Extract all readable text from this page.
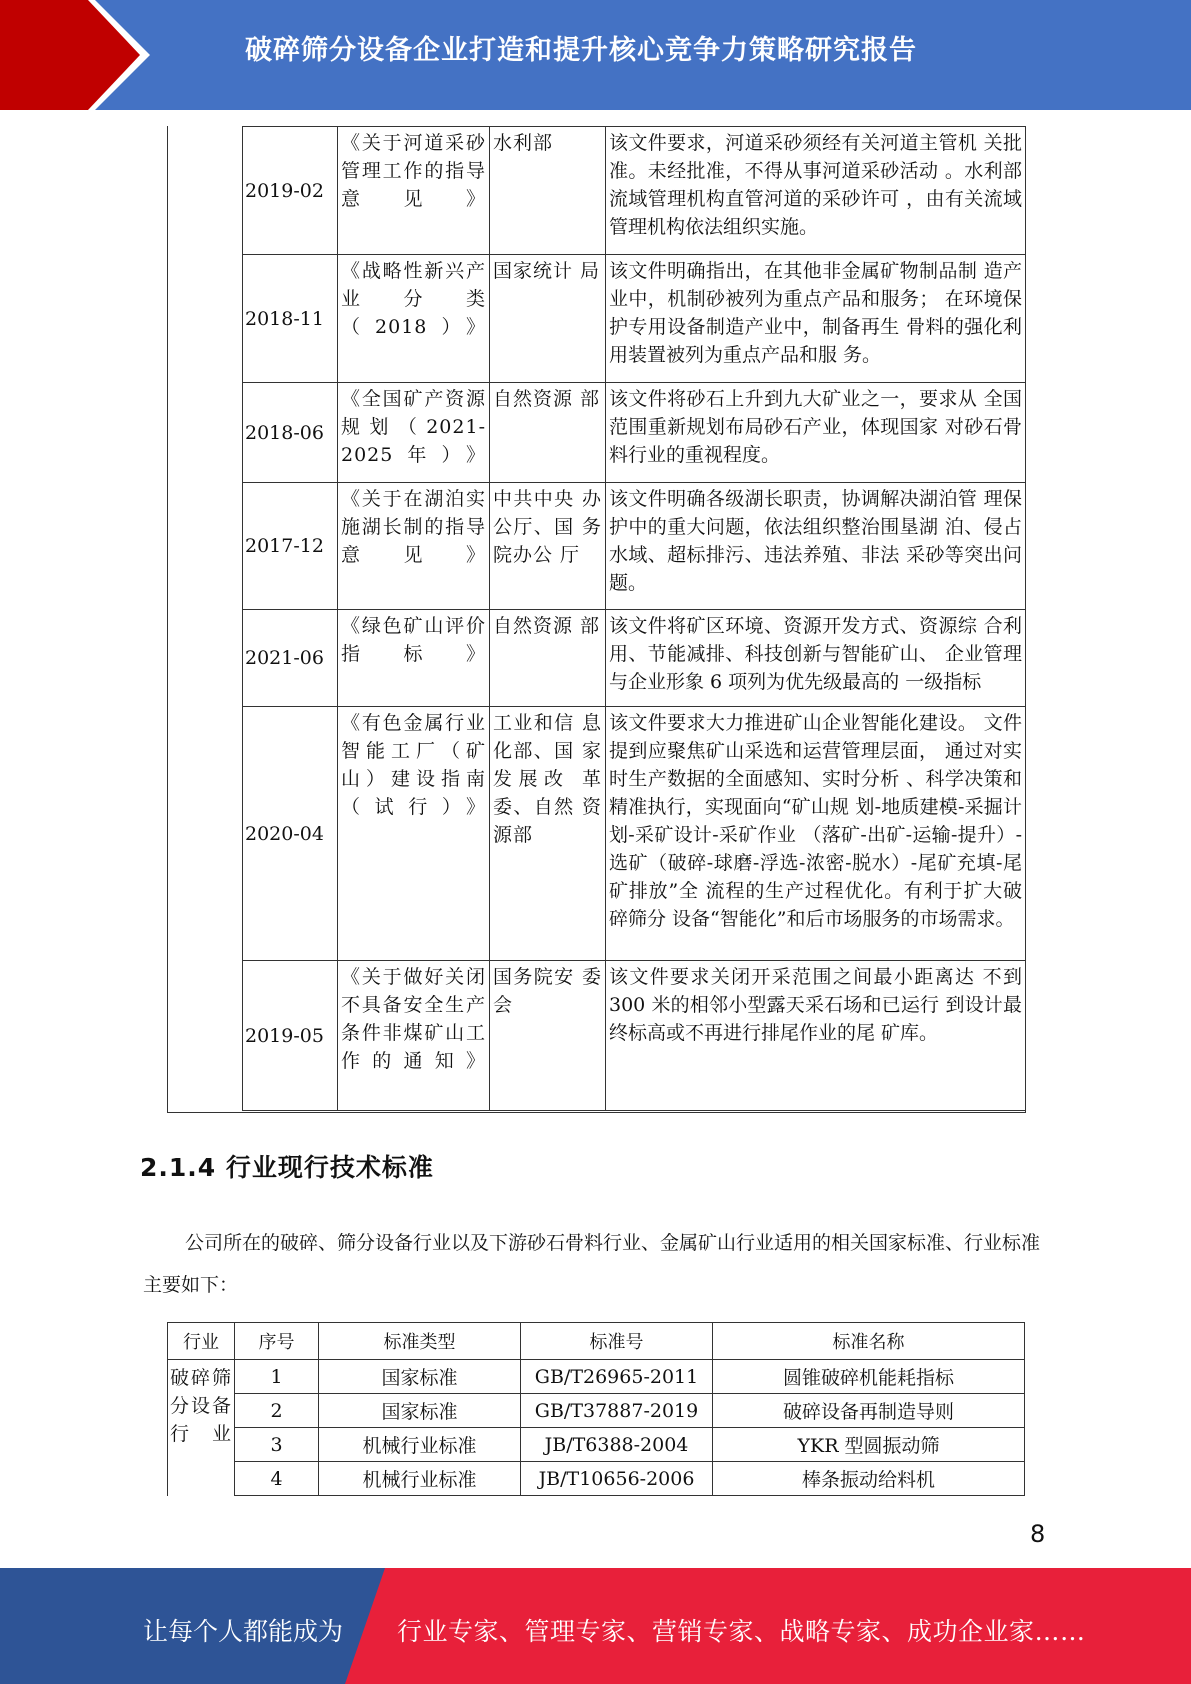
破碎筛分设备企业打造和提升核心竞争力策略研究报告
2019-02	《关于河道采砂管理工作的指导意见》	水利部	该文件要求，河道采砂须经有关河道主管机 关批准。未经批准，不得从事河道采砂活动 。水利部流域管理机构直管河道的采砂许可 ，由有关流域管理机构依法组织实施。
2018-11	《战略性新兴产业分类（2018）》	国家统计 局	该文件明确指出，在其他非金属矿物制品制 造产业中，机制砂被列为重点产品和服务； 在环境保护专用设备制造产业中，制备再生 骨料的强化利用装置被列为重点产品和服 务。
2018-06	《全国矿产资源规划（2021-2025年）》	自然资源 部	该文件将砂石上升到九大矿业之一，要求从 全国范围重新规划布局砂石产业，体现国家 对砂石骨料行业的重视程度。
2017-12	《关于在湖泊实施湖长制的指导意见》	中共中央 办公厅、国 务院办公 厅	该文件明确各级湖长职责，协调解决湖泊管 理保护中的重大问题，依法组织整治围垦湖 泊、侵占水域、超标排污、违法养殖、非法 采砂等突出问题。
2021-06	《绿色矿山评价指标》	自然资源 部	该文件将矿区环境、资源开发方式、资源综 合利用、节能减排、科技创新与智能矿山、 企业管理与企业形象 6 项列为优先级最高的 一级指标
2020-04	《有色金属行业智能工厂（矿山）建设指南（试行）》	工业和信 息化部、国 家发展改 革委、自然 资源部	该文件要求大力推进矿山企业智能化建设。 文件提到应聚焦矿山采选和运营管理层面， 通过对实时生产数据的全面感知、实时分析 、科学决策和精准执行，实现面向“矿山规 划-地质建模-采掘计划-采矿设计-采矿作业 （落矿-出矿-运输-提升）-选矿（破碎-球磨-浮选-浓密-脱水）-尾矿充填-尾矿排放”全 流程的生产过程优化。有利于扩大破碎筛分 设备“智能化”和后市场服务的市场需求。
2019-05	《关于做好关闭不具备安全生产条件非煤矿山工作的通知》	国务院安 委会	该文件要求关闭开采范围之间最小距离达 不到 300 米的相邻小型露天采石场和已运行 到设计最终标高或不再进行排尾作业的尾 矿库。
2.1.4 行业现行技术标准
公司所在的破碎、筛分设备行业以及下游砂石骨料行业、金属矿山行业适用的相关国家标准、行业标准主要如下：
行业	序号	标准类型	标准号	标准名称
破碎筛分设备行业	1	国家标准	GB/T26965-2011	圆锥破碎机能耗指标
	2	国家标准	GB/T37887-2019	破碎设备再制造导则
	3	机械行业标准	JB/T6388-2004	YKR 型圆振动筛
	4	机械行业标准	JB/T10656-2006	棒条振动给料机
8
让每个人都能成为 行业专家、管理专家、营销专家、战略专家、成功企业家……
